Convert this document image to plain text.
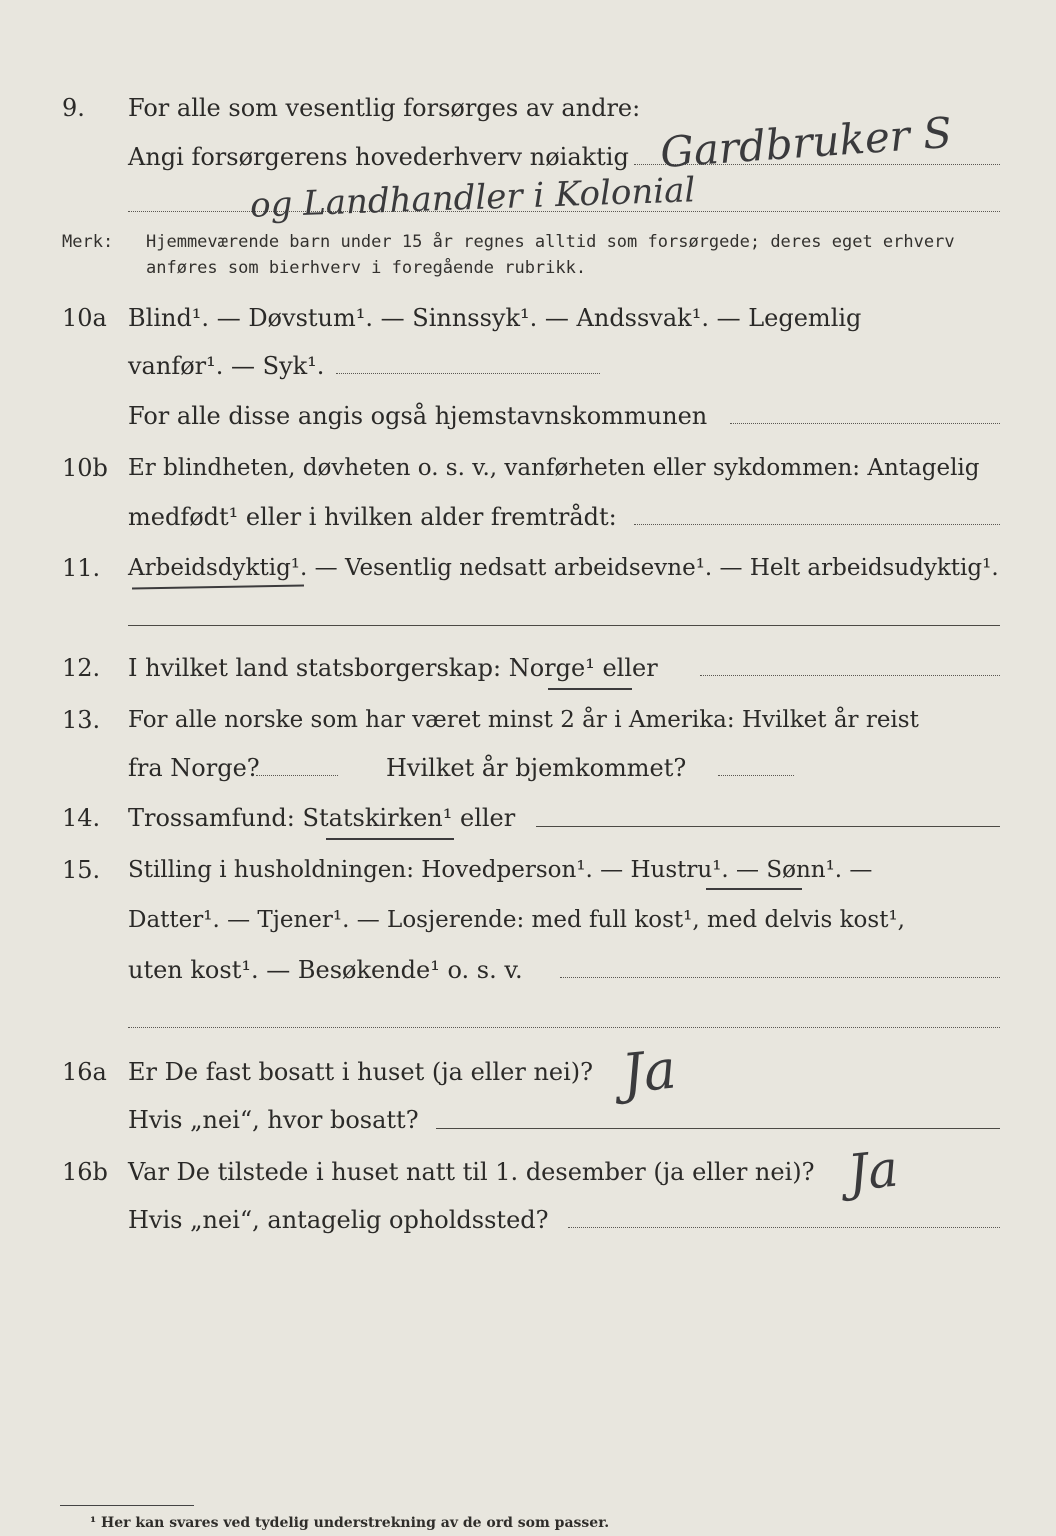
9. For alle som vesentlig forsørges av andre:
Angi forsørgerens hovederhverv nøiaktig Gardbruker S
og Landhandler i Kolonial
Merk: Hjemmeværende barn under 15 år regnes alltid som forsørgede; deres eget erhverv
anføres som bierhverv i foregående rubrikk.
10a Blind¹. — Døvstum¹. — Sinnssyk¹. — Andssvak¹. — Legemlig
vanfør¹. — Syk¹.
For alle disse angis også hjemstavnskommunen
10b Er blindheten, døvheten o. s. v., vanførheten eller sykdommen: Antagelig
medfødt¹ eller i hvilken alder fremtrådt:
11. Arbeidsdyktig¹. — Vesentlig nedsatt arbeidsevne¹. — Helt arbeidsudyktig¹.
12. I hvilket land statsborgerskap: Norge¹ eller
13. For alle norske som har været minst 2 år i Amerika: Hvilket år reist
fra Norge?	Hvilket år bjemkommet?
14. Trossamfund: Statskirken¹ eller
15. Stilling i husholdningen: Hovedperson¹. — Hustru¹. — Sønn¹. —
Datter¹. — Tjener¹. — Losjerende: med full kost¹, med delvis kost¹,
uten kost¹. — Besøkende¹ o. s. v.
16a Er De fast bosatt i huset (ja eller nei)? Ja
Hvis „nei“, hvor bosatt?
16b Var De tilstede i huset natt til 1. desember (ja eller nei)? Ja
Hvis „nei“, antagelig opholdssted?
¹ Her kan svares ved tydelig understrekning av de ord som passer.
